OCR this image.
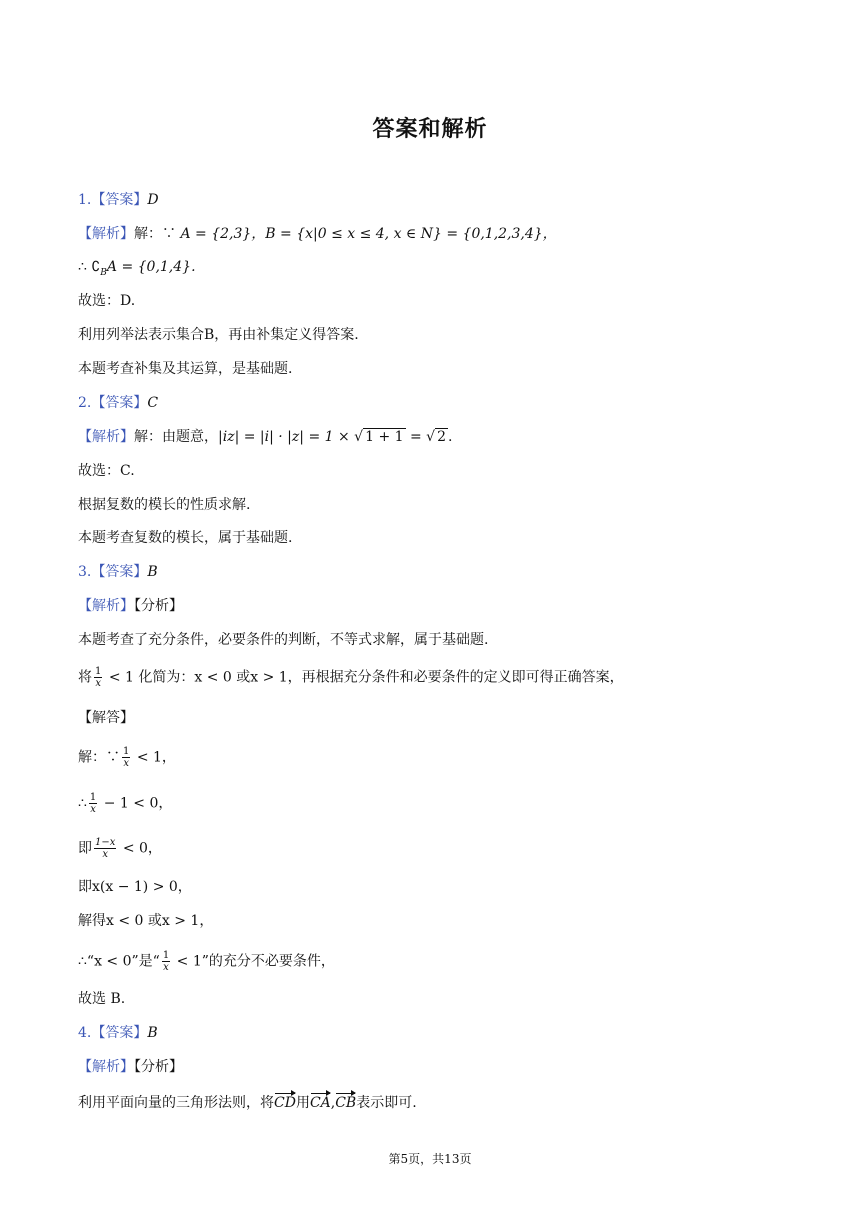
答案和解析
1.【答案】D
【解析】解：∵ A = {2,3}，B = {x|0 ≤ x ≤ 4, x ∈ N} = {0,1,2,3,4}，
∴ $∁_BA = \{0,1,4\}$.
故选：D.
利用列举法表示集合B，再由补集定义得答案.
本题考查补集及其运算，是基础题.
2.【答案】C
【解析】解：由题意，|iz| = |i| · |z| = 1 × √ 1 + 1 = √ 2 .
故选：C.
根据复数的模长的性质求解.
本题考查复数的模长，属于基础题.
3.【答案】B
【解析】【分析】
本题考查了充分条件，必要条件的判断，不等式求解，属于基础题.
将 $\frac{1}{x} < 1$ 化简为：x < 0 或x > 1，再根据充分条件和必要条件的定义即可得正确答案，
【解答】
解：∵ $\frac{1}{x} < 1$，
∴ $\frac{1}{x} - 1 < 0$，
即 $\frac{1-x}{x} < 0$，
即x(x − 1) > 0，
解得x < 0 或x > 1，
∴“x < 0”是“ $\frac{1}{x} < 1$”的充分不必要条件，
故选 B.
4.【答案】B
【解析】【分析】
利用平面向量的三角形法则，将CD用CA,CB表示即可.
第5页，共13页
